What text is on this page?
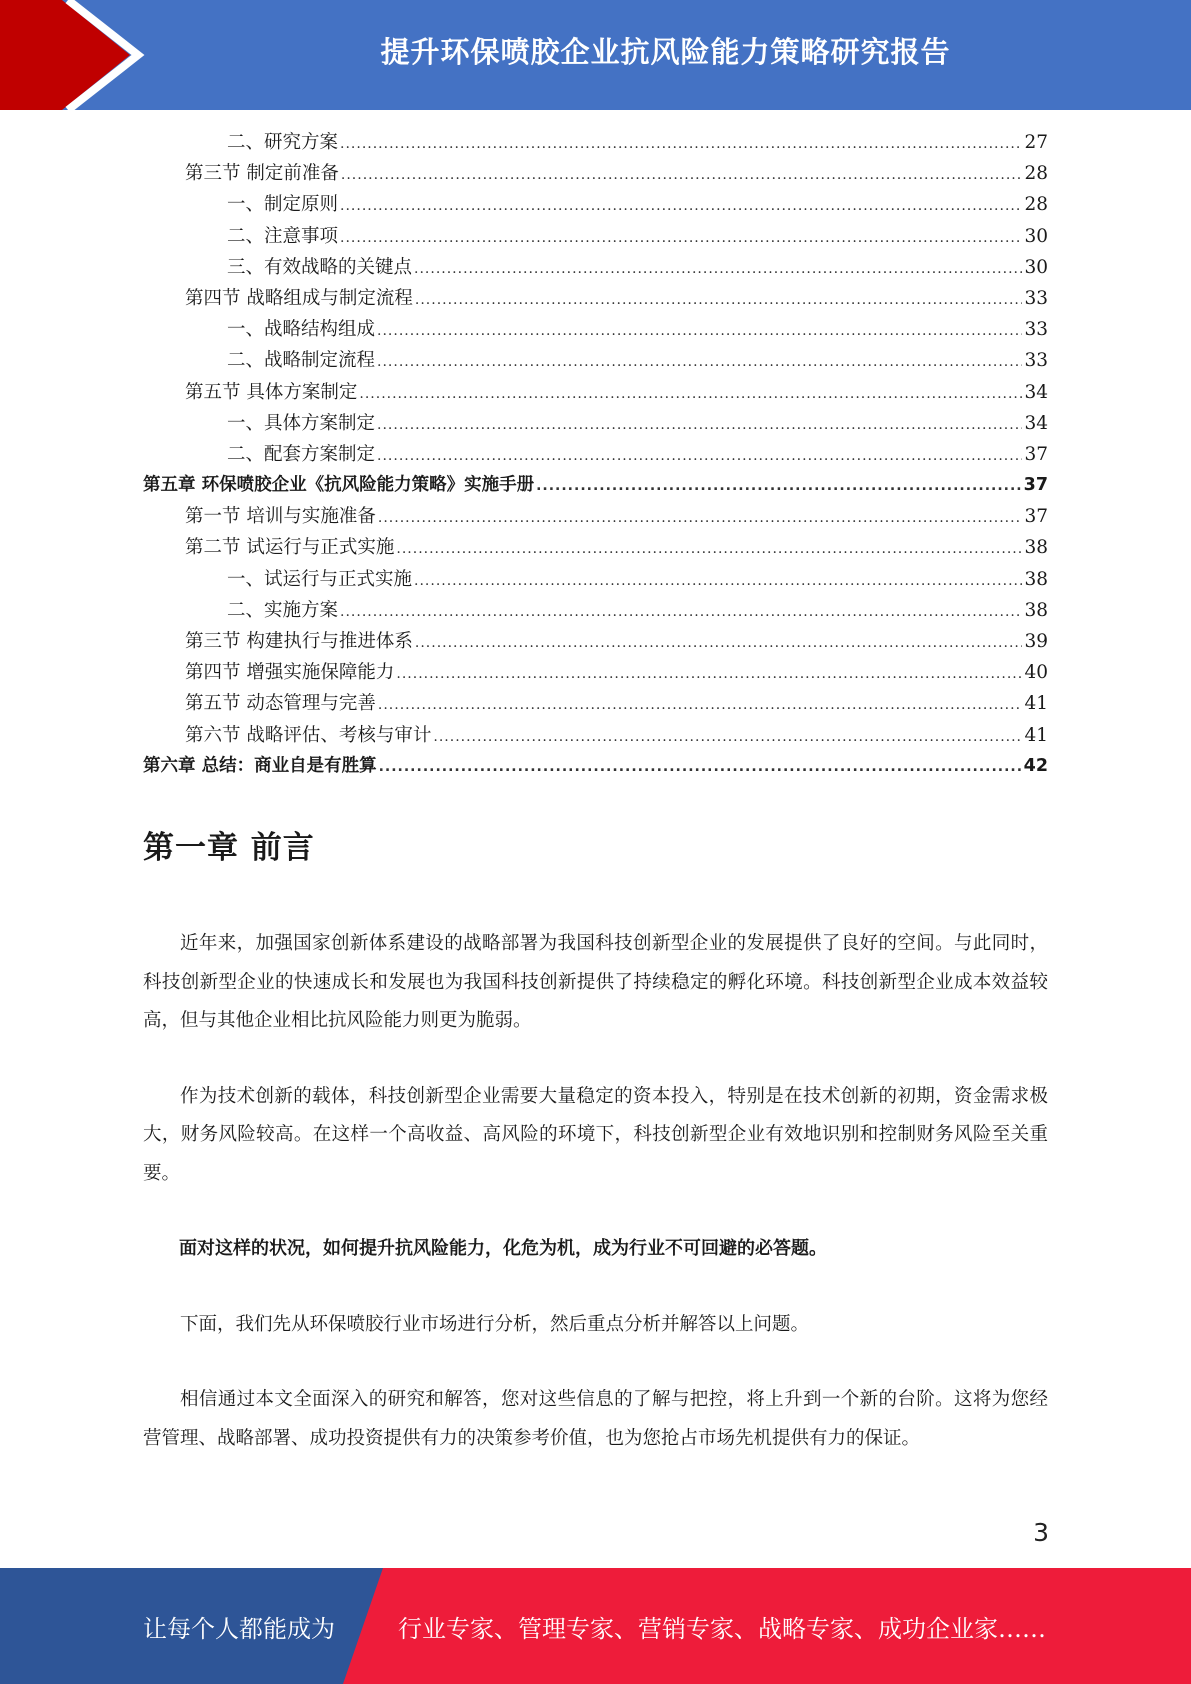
提升环保喷胶企业抗风险能力策略研究报告
二、研究方案 .....	27
第三节 制定前准备 .....	28
一、制定原则 .....	28
二、注意事项 .....	30
三、有效战略的关键点 .....	30
第四节 战略组成与制定流程 .....	33
一、战略结构组成 .....	33
二、战略制定流程 .....	33
第五节 具体方案制定 .....	34
一、具体方案制定 .....	34
二、配套方案制定 .....	37
第五章 环保喷胶企业《抗风险能力策略》实施手册 .....	37
第一节 培训与实施准备 .....	37
第二节 试运行与正式实施 .....	38
一、试运行与正式实施 .....	38
二、实施方案 .....	38
第三节 构建执行与推进体系 .....	39
第四节 增强实施保障能力 .....	40
第五节 动态管理与完善 .....	41
第六节 战略评估、考核与审计 .....	41
第六章 总结：商业自是有胜算 .....	42
第一章 前言

近年来，加强国家创新体系建设的战略部署为我国科技创新型企业的发展提供了良好的空间。与此同时，科技创新型企业的快速成长和发展也为我国科技创新提供了持续稳定的孵化环境。科技创新型企业成本效益较高，但与其他企业相比抗风险能力则更为脆弱。

作为技术创新的载体，科技创新型企业需要大量稳定的资本投入，特别是在技术创新的初期，资金需求极大，财务风险较高。在这样一个高收益、高风险的环境下，科技创新型企业有效地识别和控制财务风险至关重要。

面对这样的状况，如何提升抗风险能力，化危为机，成为行业不可回避的必答题。

下面，我们先从环保喷胶行业市场进行分析，然后重点分析并解答以上问题。

相信通过本文全面深入的研究和解答，您对这些信息的了解与把控，将上升到一个新的台阶。这将为您经营管理、战略部署、成功投资提供有力的决策参考价值，也为您抢占市场先机提供有力的保证。

3
让每个人都能成为	行业专家、管理专家、营销专家、战略专家、成功企业家……
